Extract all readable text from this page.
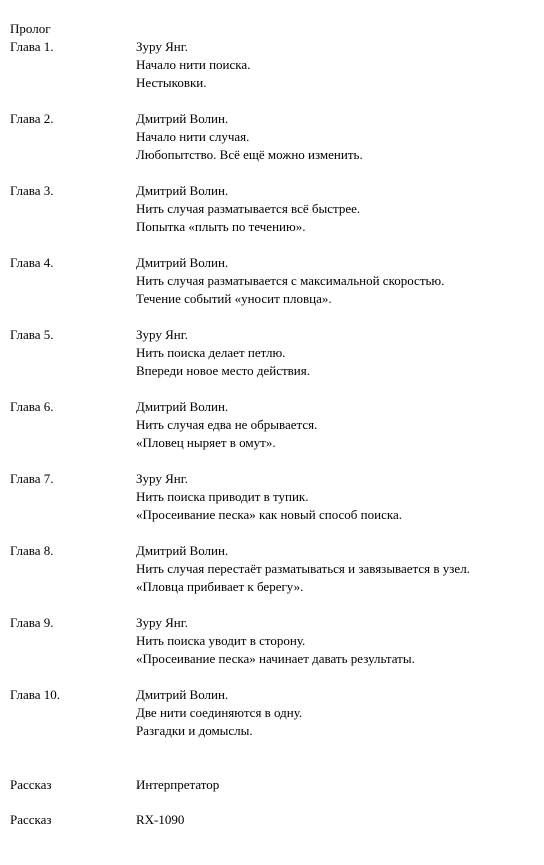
Пролог
Глава 1.	Зуру Янг.
Начало нити поиска.
Нестыковки.
Глава 2.	Дмитрий Волин.
Начало нити случая.
Любопытство. Всё ещё можно изменить.
Глава 3.	Дмитрий Волин.
Нить случая разматывается всё быстрее.
Попытка «плыть по течению».
Глава 4.	Дмитрий Волин.
Нить случая разматывается с максимальной скоростью.
Течение событий «уносит пловца».
Глава 5.	Зуру Янг.
Нить поиска делает петлю.
Впереди новое место действия.
Глава 6.	Дмитрий Волин.
Нить случая едва не обрывается.
«Пловец ныряет в омут».
Глава 7.	Зуру Янг.
Нить поиска приводит в тупик.
«Просеивание песка» как новый способ поиска.
Глава 8.	Дмитрий Волин.
Нить случая перестаёт разматываться и завязывается в узел.
«Пловца прибивает к берегу».
Глава 9.	Зуру Янг.
Нить поиска уводит в сторону.
«Просеивание песка» начинает давать результаты.
Глава 10.	Дмитрий Волин.
Две нити соединяются в одну.
Разгадки и домыслы.
Рассказ	Интерпретатор
Рассказ	RX-1090
